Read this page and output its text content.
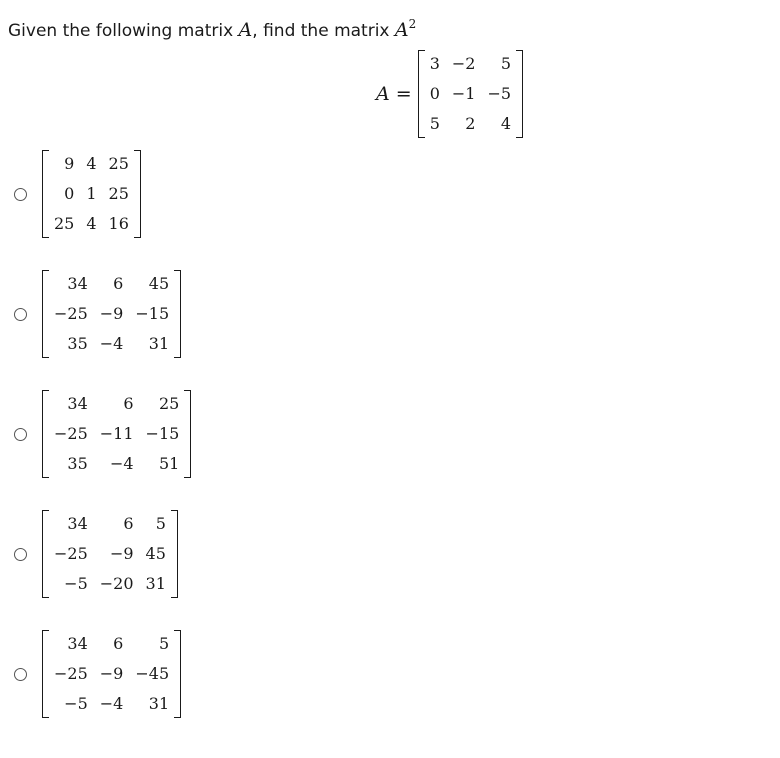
Given the following matrix A, find the matrix $A^2$
A =
3	−2	5
0	−1	−5
5	2	4
9	4	25
0	1	25
25	4	16
34	6	45
−25	−9	−15
35	−4	31
34	6	25
−25	−11	−15
35	−4	51
34	6	5
−25	−9	45
−5	−20	31
34	6	5
−25	−9	−45
−5	−4	31
